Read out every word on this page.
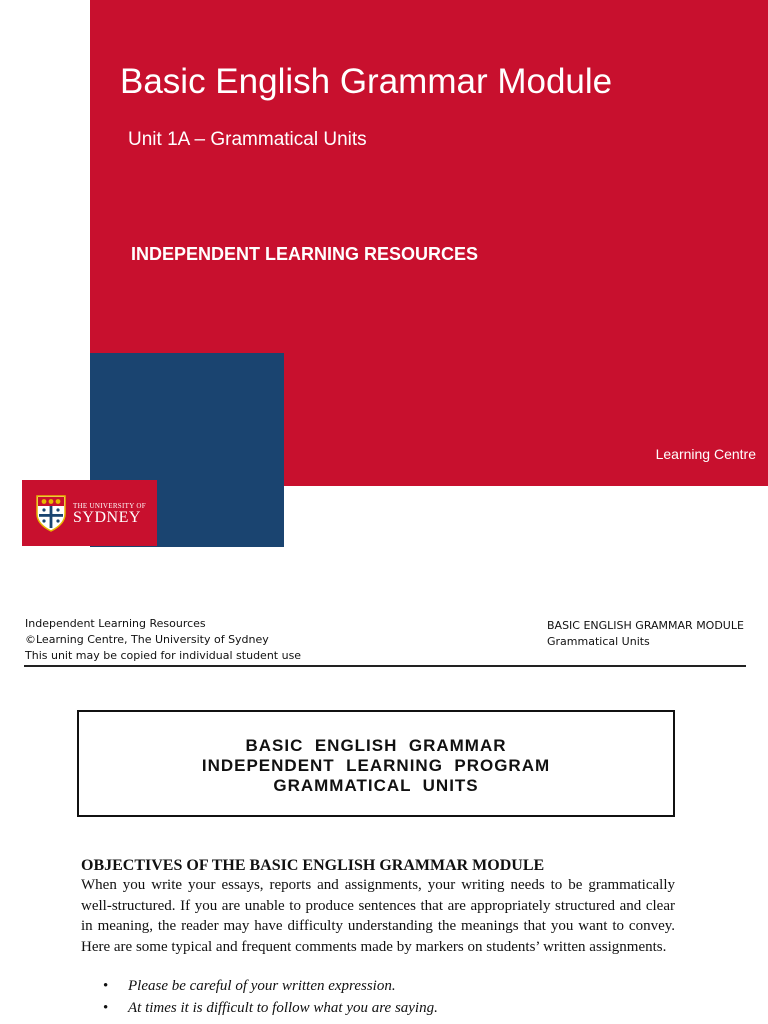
Basic English Grammar Module
Unit 1A – Grammatical Units
INDEPENDENT LEARNING RESOURCES
Learning Centre
THE UNIVERSITY OF
SYDNEY
Independent Learning Resources
©Learning Centre, The University of Sydney
This unit may be copied for individual student use
BASIC ENGLISH GRAMMAR MODULE
Grammatical Units
BASIC  ENGLISH  GRAMMAR
INDEPENDENT  LEARNING  PROGRAM
GRAMMATICAL  UNITS
OBJECTIVES OF THE BASIC ENGLISH GRAMMAR MODULE

When you write your essays, reports and assignments, your writing needs to be grammatically well-structured. If you are unable to produce sentences that are appropriately structured and clear in meaning, the reader may have difficulty understanding the meanings that you want to convey. Here are some typical and frequent comments made by markers on students’ written assignments.

• Please be careful of your written expression.
• At times it is difficult to follow what you are saying.
